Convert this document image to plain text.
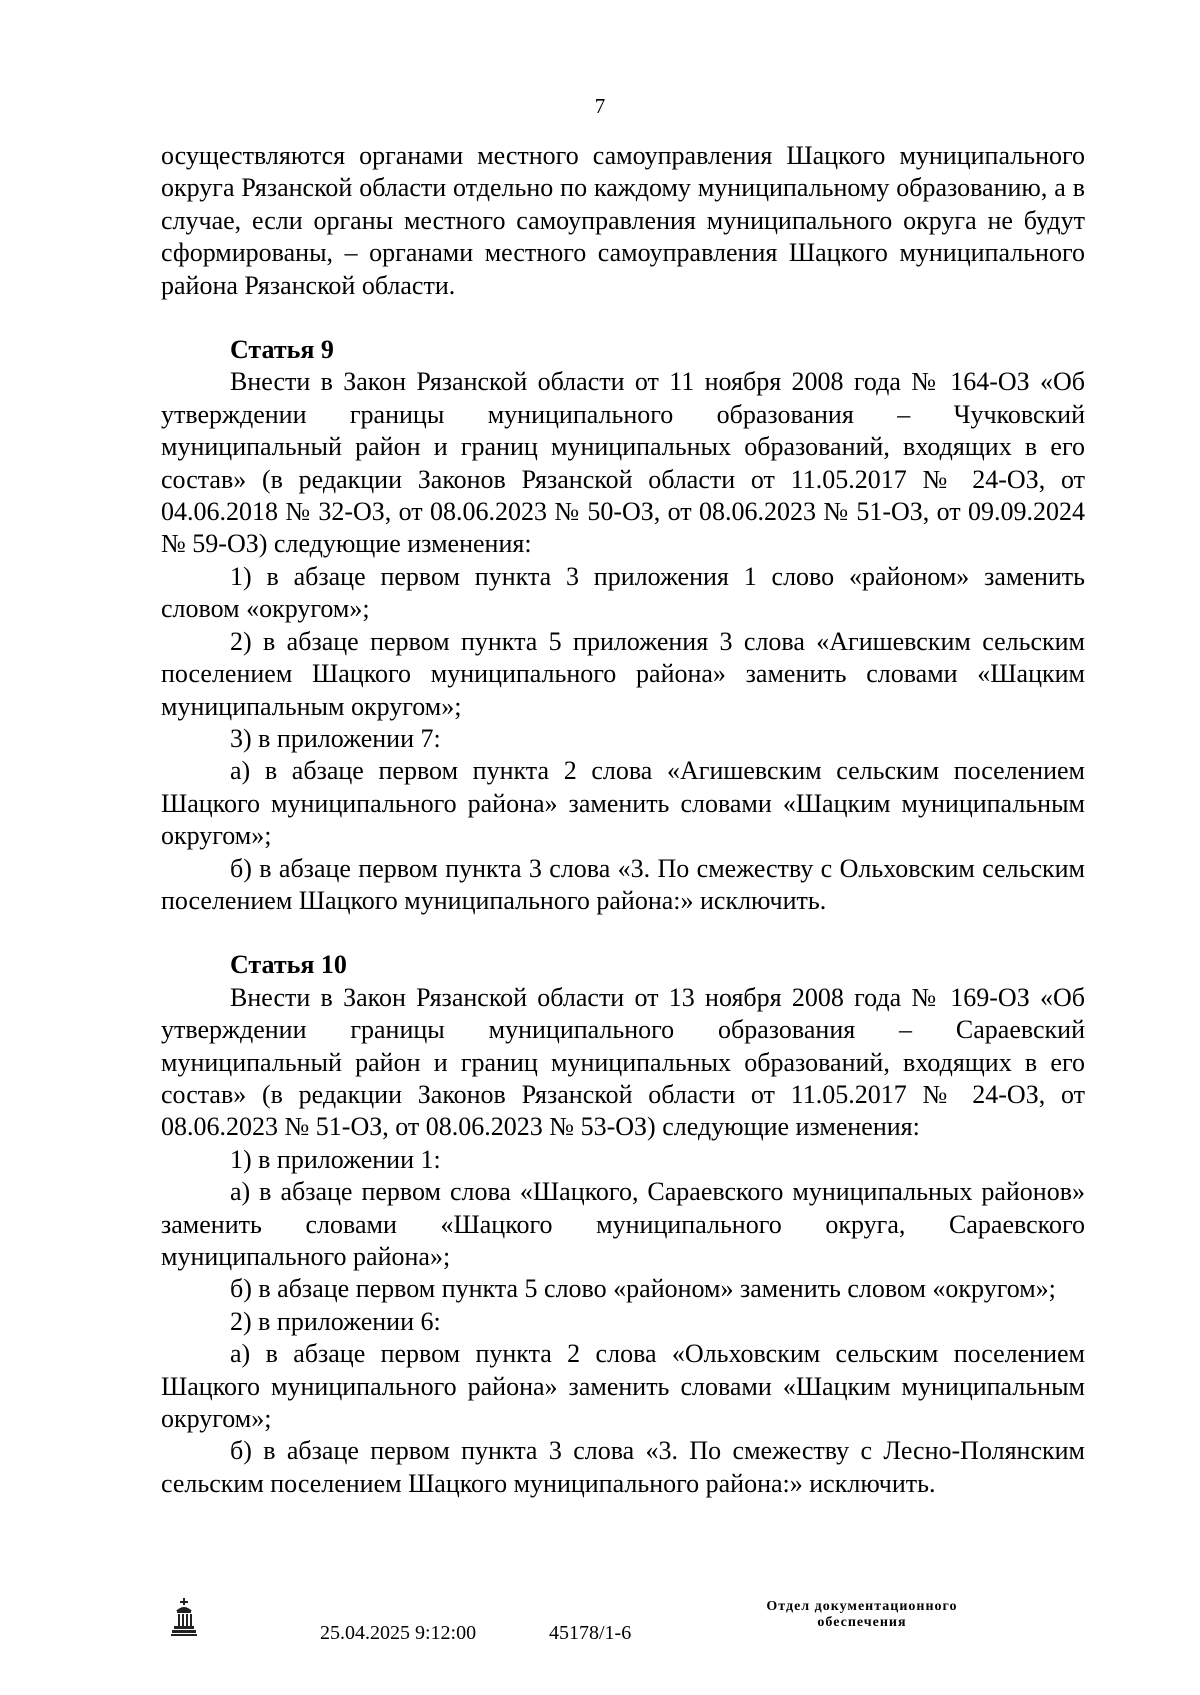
7

осуществляются органами местного самоуправления Шацкого муниципального округа Рязанской области отдельно по каждому муниципальному образованию, а в случае, если органы местного самоуправления муниципального округа не будут сформированы, – органами местного самоуправления Шацкого муниципального района Рязанской области.

Статья 9

Внести в Закон Рязанской области от 11 ноября 2008 года № 164-ОЗ «Об утверждении границы муниципального образования – Чучковский муниципальный район и границ муниципальных образований, входящих в его состав» (в редакции Законов Рязанской области от 11.05.2017 № 24-ОЗ, от 04.06.2018 № 32-ОЗ, от 08.06.2023 № 50-ОЗ, от 08.06.2023 № 51-ОЗ, от 09.09.2024 № 59-ОЗ) следующие изменения:

1) в абзаце первом пункта 3 приложения 1 слово «районом» заменить словом «округом»;

2) в абзаце первом пункта 5 приложения 3 слова «Агишевским сельским поселением Шацкого муниципального района» заменить словами «Шацким муниципальным округом»;

3) в приложении 7:

а) в абзаце первом пункта 2 слова «Агишевским сельским поселением Шацкого муниципального района» заменить словами «Шацким муниципальным округом»;

б) в абзаце первом пункта 3 слова «3. По смежеству с Ольховским сельским поселением Шацкого муниципального района:» исключить.

Статья 10

Внести в Закон Рязанской области от 13 ноября 2008 года № 169-ОЗ «Об утверждении границы муниципального образования – Сараевский муниципальный район и границ муниципальных образований, входящих в его состав» (в редакции Законов Рязанской области от 11.05.2017 № 24-ОЗ, от 08.06.2023 № 51-ОЗ, от 08.06.2023 № 53-ОЗ) следующие изменения:

1) в приложении 1:

а) в абзаце первом слова «Шацкого, Сараевского муниципальных районов» заменить словами «Шацкого муниципального округа, Сараевского муниципального района»;

б) в абзаце первом пункта 5 слово «районом» заменить словом «округом»;

2) в приложении 6:

а) в абзаце первом пункта 2 слова «Ольховским сельским поселением Шацкого муниципального района» заменить словами «Шацким муниципальным округом»;

б) в абзаце первом пункта 3 слова «3. По смежеству с Лесно-Полянским сельским поселением Шацкого муниципального района:» исключить.

25.04.2025 9:12:00	45178/1-6
Отдел документационного
обеспечения
